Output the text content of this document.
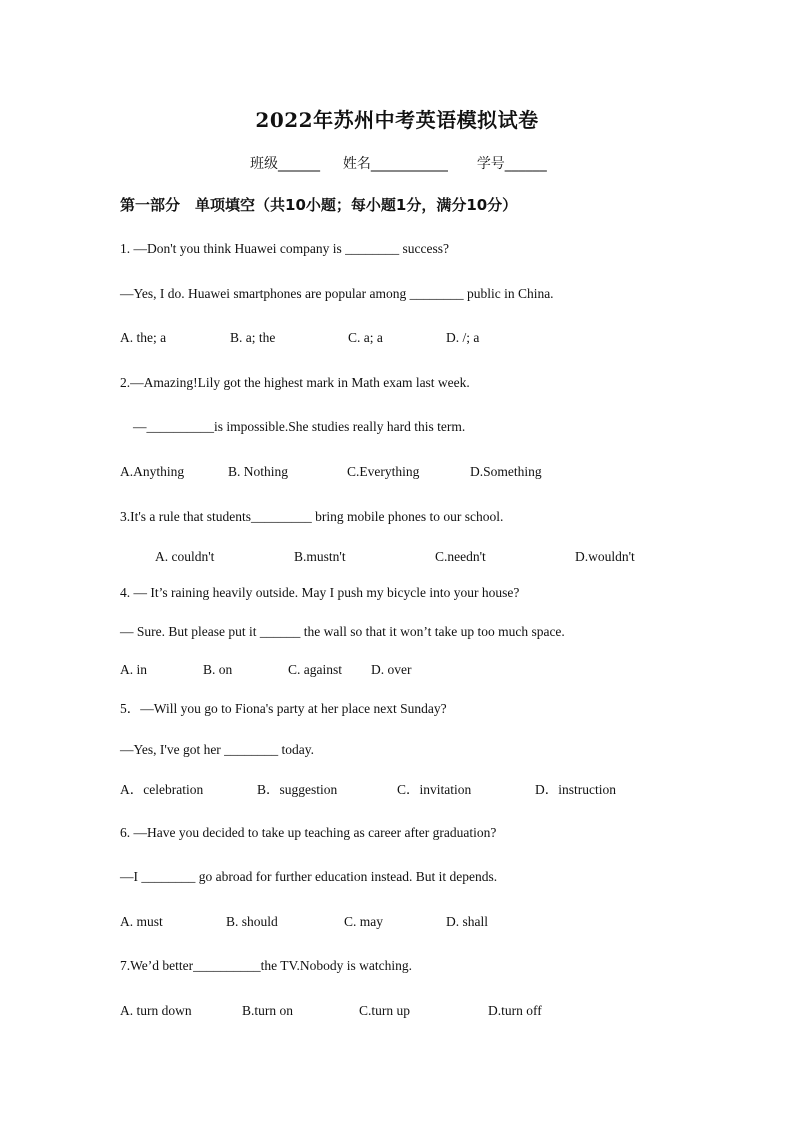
2022年苏州中考英语模拟试卷
班级______ 姓名___________ 学号______
第一部分　单项填空（共10小题；每小题1分，满分10分）
1. —Don't you think Huawei company is ________ success?
—Yes, I do. Huawei smartphones are popular among ________ public in China.
A. the; a	B. a; the	C. a; a	D. /; a
2.—Amazing!Lily got the highest mark in Math exam last week.
—__________is impossible.She studies really hard this term.
A.Anything	B. Nothing	C.Everything	D.Something
3.It's a rule that students_________ bring mobile phones to our school.
A. couldn't	B.mustn't	C.needn't	D.wouldn't
4. — It’s raining heavily outside. May I push my bicycle into your house?
— Sure. But please put it ______ the wall so that it won’t take up too much space.
A. in	B. on	C. against D. over
5．—Will you go to Fiona's party at her place next Sunday?
—Yes, I've got her ________ today.
A．celebration	B．suggestion	C．invitation	D．instruction
6. —Have you decided to take up teaching as career after graduation?
—I ________ go abroad for further education instead. But it depends.
A. must	B. should	C. may	D. shall
7.We’d better__________the TV.Nobody is watching.
A. turn down	B.turn on	C.turn up	D.turn off
